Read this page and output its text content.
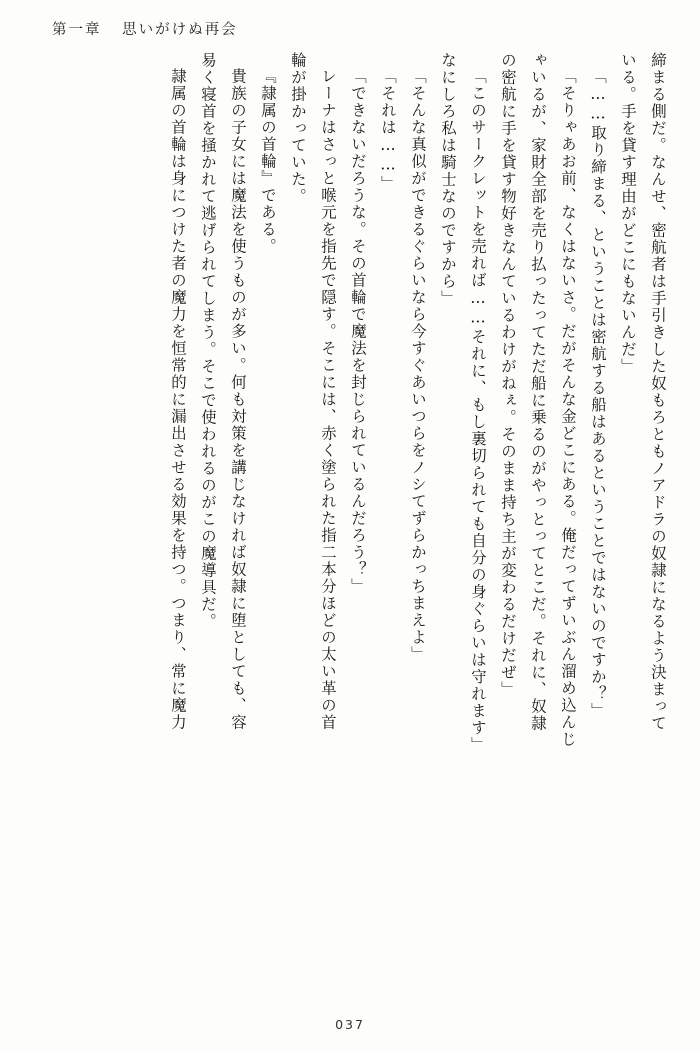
第一章 思いがけぬ再会
締まる側だ。なんせ、密航者は手引きした奴もろともノアドラの奴隷になるよう決まって
いる。手を貸す理由がどこにもないんだ」
「……取り締まる、ということは密航する船はあるということではないのですか？」
「そりゃあお前、なくはないさ。だがそんな金どこにある。俺だってずいぶん溜め込んじ
ゃいるが、家財全部を売り払ったってただ船に乗るのがやっとってとこだ。それに、奴隷
の密航に手を貸す物好きなんているわけがねぇ。そのまま持ち主が変わるだけだぜ」
「このサークレットを売れば……それに、もし裏切られても自分の身ぐらいは守れます」
なにしろ私は騎士なのですから」
「そんな真似ができるぐらいなら今すぐあいつらをノシてずらかっちまえよ」
「それは……」
「できないだろうな。その首輪で魔法を封じられているんだろう？」
レーナはさっと喉元を指先で隠す。そこには、赤く塗られた指二本分ほどの太い革の首
輪が掛かっていた。
『隷属の首輪』である。
貴族の子女には魔法を使うものが多い。何も対策を講じなければ奴隷に堕としても、容
易く寝首を掻かれて逃げられてしまう。そこで使われるのがこの魔導具だ。
隷属の首輪は身につけた者の魔力を恒常的に漏出させる効果を持つ。つまり、常に魔力
037
